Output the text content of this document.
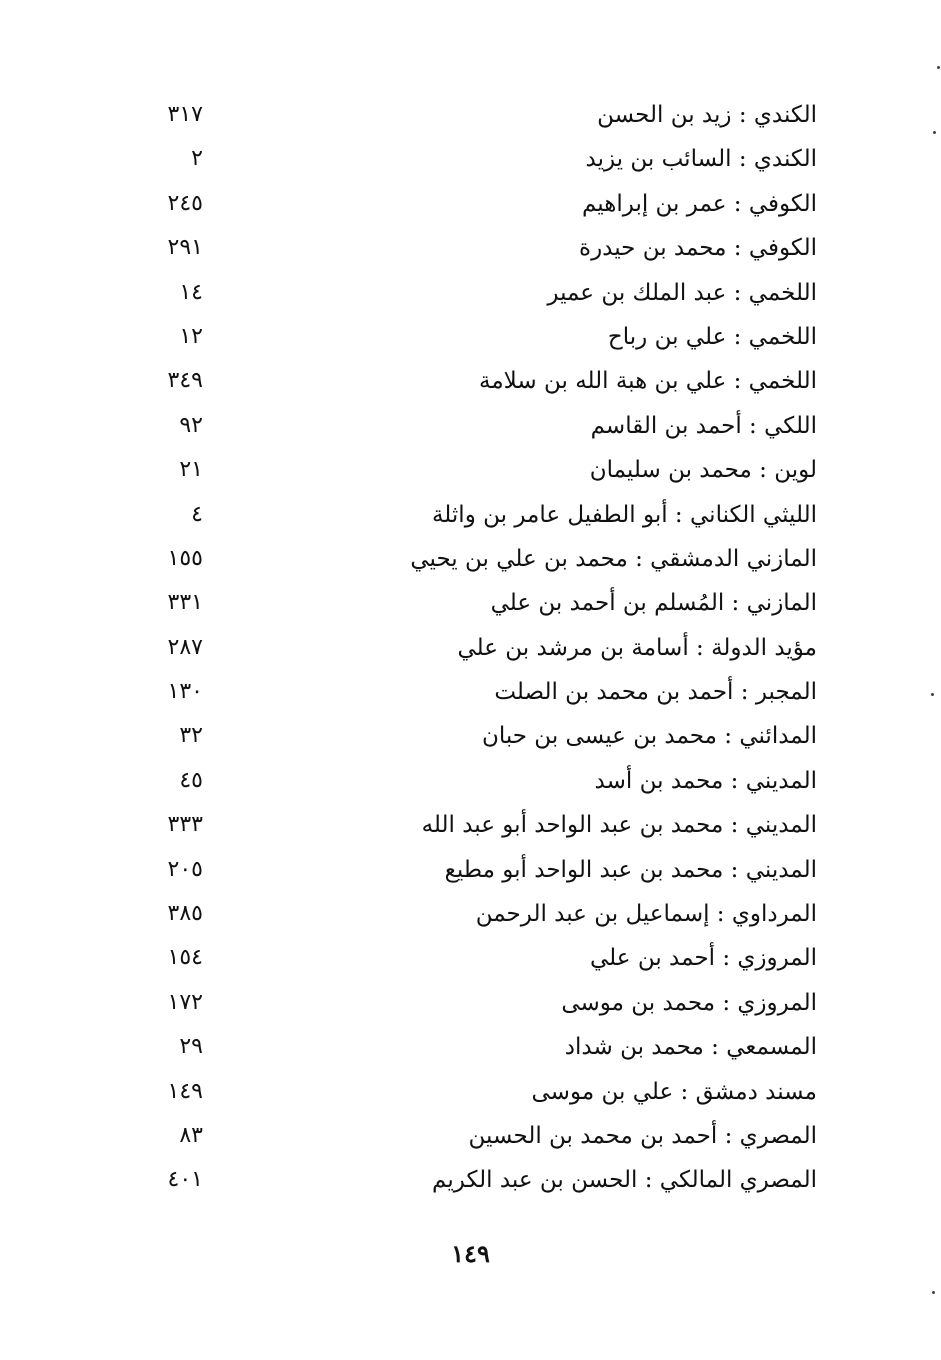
الكندي : زيد بن الحسن
٣١٧
الكندي : السائب بن يزيد
٢
الكوفي : عمر بن إبراهيم
٢٤٥
الكوفي : محمد بن حيدرة
٢٩١
اللخمي : عبد الملك بن عمير
١٤
اللخمي : علي بن رباح
١٢
اللخمي : علي بن هبة الله بن سلامة
٣٤٩
اللكي : أحمد بن القاسم
٩٢
لوين : محمد بن سليمان
٢١
الليثي الكناني : أبو الطفيل عامر بن واثلة
٤
المازني الدمشقي : محمد بن علي بن يحيي
١٥٥
المازني : المُسلم بن أحمد بن علي
٣٣١
مؤيد الدولة : أسامة بن مرشد بن علي
٢٨٧
المجبر : أحمد بن محمد بن الصلت
١٣٠
المدائني : محمد بن عيسى بن حبان
٣٢
المديني : محمد بن أسد
٤٥
المديني : محمد بن عبد الواحد أبو عبد الله
٣٣٣
المديني : محمد بن عبد الواحد أبو مطيع
٢٠٥
المرداوي : إسماعيل بن عبد الرحمن
٣٨٥
المروزي : أحمد بن علي
١٥٤
المروزي : محمد بن موسى
١٧٢
المسمعي : محمد بن شداد
٢٩
مسند دمشق : علي بن موسى
١٤٩
المصري : أحمد بن محمد بن الحسين
٨٣
المصري المالكي : الحسن بن عبد الكريم
٤٠١
١٤٩
